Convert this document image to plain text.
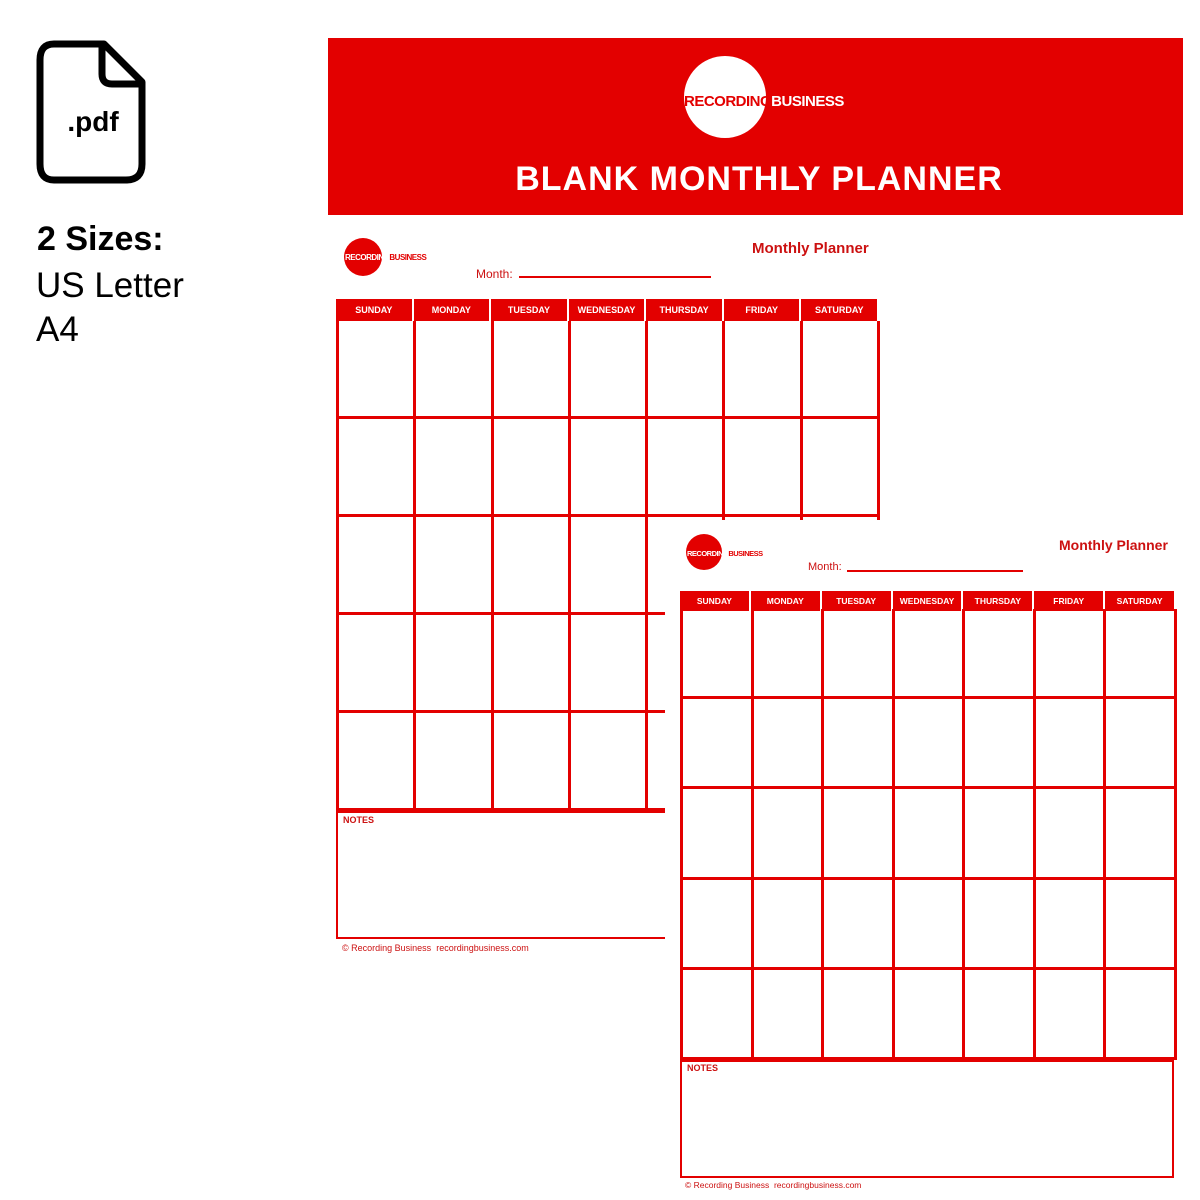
.pdf
2 Sizes:
US Letter
A4
RECORDINGBUSINESS
BLANK MONTHLY PLANNER
RECORDINGBUSINESS
Monthly Planner
Month:
SUNDAY	MONDAY	TUESDAY	WEDNESDAY	THURSDAY	FRIDAY	SATURDAY
NOTES
© Recording Business recordingbusiness.com
RECORDINGBUSINESS
Monthly Planner
Month:
SUNDAY	MONDAY	TUESDAY	WEDNESDAY	THURSDAY	FRIDAY	SATURDAY
NOTES
© Recording Business recordingbusiness.com
